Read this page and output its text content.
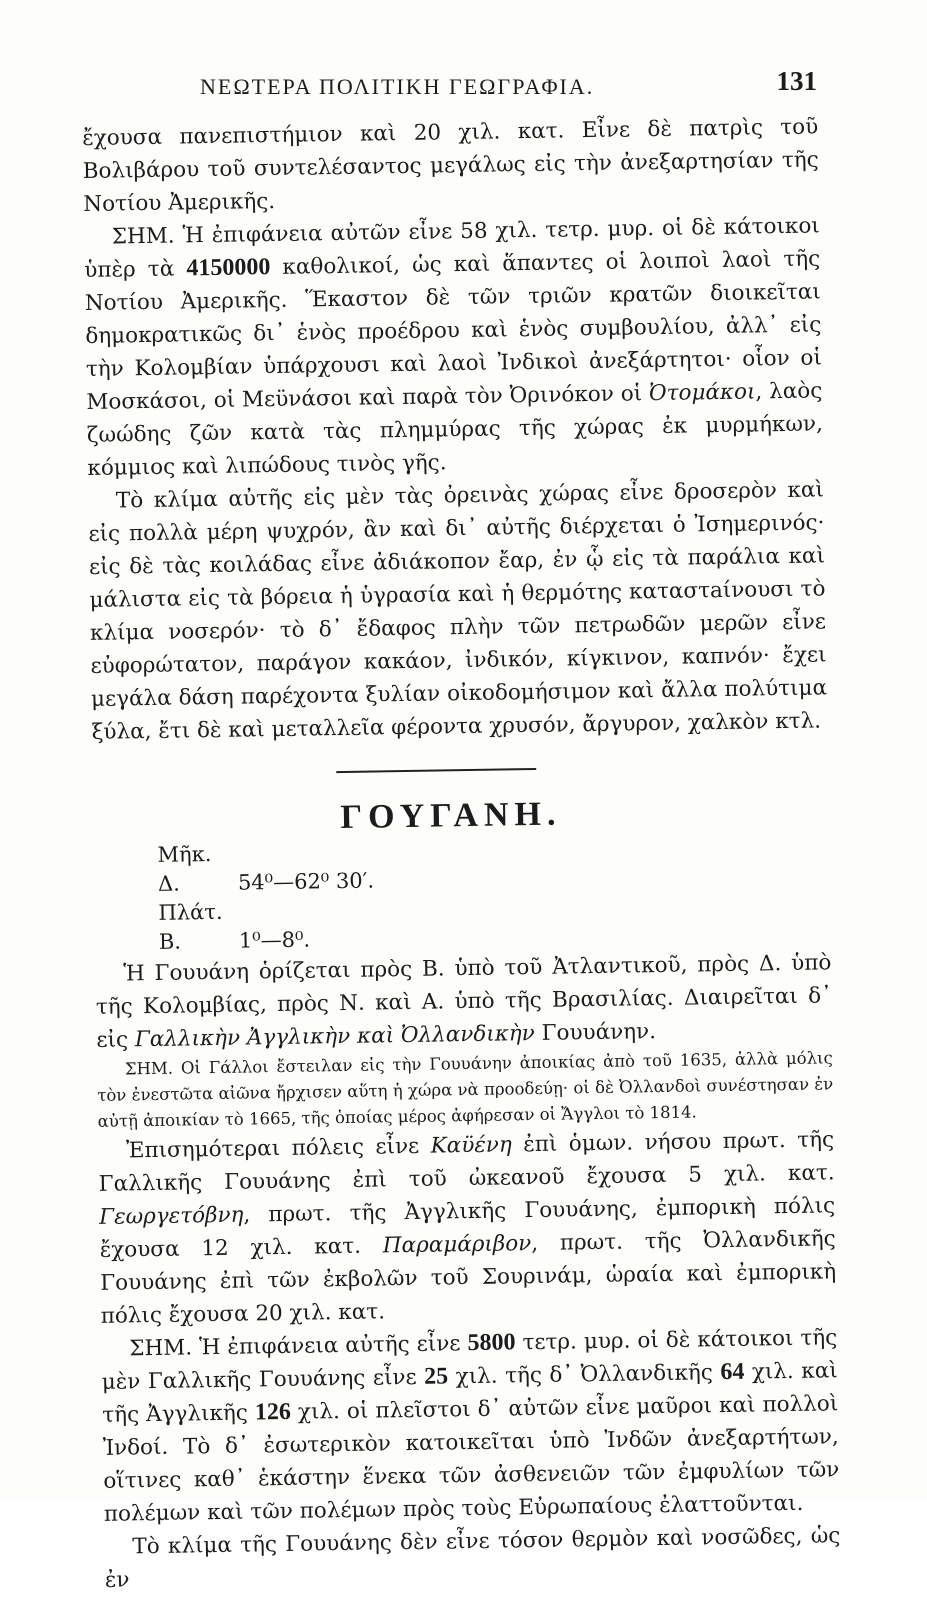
ΝΕΩΤΕΡΑ ΠΟΛΙΤΙΚΗ ΓΕΩΓΡΑΦΙΑ.	131

ἔχουσα πανεπιστήμιον καὶ 20 χιλ. κατ. Εἶνε δὲ πατρὶς τοῦ Βολιβάρου τοῦ συντελέσαντος μεγάλως εἰς τὴν ἀνεξαρτησίαν τῆς Νοτίου Ἀμερικῆς.

ΣΗΜ. Ἡ ἐπιφάνεια αὐτῶν εἶνε 58 χιλ. τετρ. μυρ. οἱ δὲ κάτοικοι ὑπὲρ τὰ 4150000 καθολικοί, ὡς καὶ ἅπαντες οἱ λοιποὶ λαοὶ τῆς Νοτίου Ἀμερικῆς. Ἕκαστον δὲ τῶν τριῶν κρατῶν διοικεῖται δημοκρατικῶς δι᾽ ἑνὸς προέδρου καὶ ἑνὸς συμβουλίου, ἀλλ᾽ εἰς τὴν Κολομβίαν ὑπάρχουσι καὶ λαοὶ Ἰνδικοὶ ἀνεξάρτητοι· οἷον οἱ Μοσκάσοι, οἱ Μεϋνάσοι καὶ παρὰ τὸν Ὀρινόκον οἱ Ὀτομάκοι, λαὸς ζωώδης ζῶν κατὰ τὰς πλημμύρας τῆς χώρας ἐκ μυρμήκων, κόμμιος καὶ λιπώδους τινὸς γῆς.

Τὸ κλίμα αὐτῆς εἰς μὲν τὰς ὀρεινὰς χώρας εἶνε δροσερὸν καὶ εἰς πολλὰ μέρη ψυχρόν, ἂν καὶ δι᾽ αὐτῆς διέρχεται ὁ Ἰσημερινός· εἰς δὲ τὰς κοιλάδας εἶνε ἀδιάκοπον ἔαρ, ἐν ᾧ εἰς τὰ παράλια καὶ μάλιστα εἰς τὰ βόρεια ἡ ὑγρασία καὶ ἡ θερμότης καταστaίνουσι τὸ κλίμα νοσερόν· τὸ δ᾽ ἔδαφος πλὴν τῶν πετρωδῶν μερῶν εἶνε εὐφορώτατον, παράγον κακάον, ἰνδικόν, κίγκινον, καπνόν· ἔχει μεγάλα δάση παρέχοντα ξυλίαν οἰκοδομήσιμον καὶ ἄλλα πολύτιμα ξύλα, ἔτι δὲ καὶ μεταλλεῖα φέροντα χρυσόν, ἄργυρον, χαλκὸν κτλ.

ΓΟΥΓΑΝΗ.
Μῆκ. Δ.	54⁰—62⁰ 30′.
Πλάτ. Β.	1⁰—8⁰.

Ἡ Γουυάνη ὁρίζεται πρὸς Β. ὑπὸ τοῦ Ἀτλαντικοῦ, πρὸς Δ. ὑπὸ τῆς Κολομβίας, πρὸς Ν. καὶ Α. ὑπὸ τῆς Βρασιλίας. Διαιρεῖται δ᾽ εἰς Γαλλικὴν Ἀγγλικὴν καὶ Ὀλλανδικὴν Γουυάνην.

ΣΗΜ. Οἱ Γάλλοι ἔστειλαν εἰς τὴν Γουυάνην ἀποικίας ἀπὸ τοῦ 1635, ἀλλὰ μόλις τὸν ἐνεστῶτα αἰῶνα ἤρχισεν αὕτη ἡ χώρα νὰ προοδεύῃ· οἱ δὲ Ὀλλανδοὶ συνέστησαν ἐν αὐτῇ ἀποικίαν τὸ 1665, τῆς ὁποίας μέρος ἀφήρεσαν οἱ Ἄγγλοι τὸ 1814.

Ἐπισημότεραι πόλεις εἶνε Καϋένη ἐπὶ ὁμων. νήσου πρωτ. τῆς Γαλλικῆς Γουυάνης ἐπὶ τοῦ ὠκεανοῦ ἔχουσα 5 χιλ. κατ. Γεωργετόβνη, πρωτ. τῆς Ἀγγλικῆς Γουυάνης, ἐμπορικὴ πόλις ἔχουσα 12 χιλ. κατ. Παραμάριβον, πρωτ. τῆς Ὀλλανδικῆς Γουυάνης ἐπὶ τῶν ἐκβολῶν τοῦ Σουρινάμ, ὡραία καὶ ἐμπορικὴ πόλις ἔχουσα 20 χιλ. κατ.

ΣΗΜ. Ἡ ἐπιφάνεια αὐτῆς εἶνε 5800 τετρ. μυρ. οἱ δὲ κάτοικοι τῆς μὲν Γαλλικῆς Γουυάνης εἶνε 25 χιλ. τῆς δ᾽ Ὀλλανδικῆς 64 χιλ. καὶ τῆς Ἀγγλικῆς 126 χιλ. οἱ πλεῖστοι δ᾽ αὐτῶν εἶνε μαῦροι καὶ πολλοὶ Ἰνδοί. Τὸ δ᾽ ἐσωτερικὸν κατοικεῖται ὑπὸ Ἰνδῶν ἀνεξαρτήτων, οἵτινες καθ᾽ ἑκάστην ἕνεκα τῶν ἀσθενειῶν τῶν ἐμφυλίων τῶν πολέμων καὶ τῶν πολέμων πρὸς τοὺς Εὐρωπαίους ἐλαττοῦνται.

Τὸ κλίμα τῆς Γουυάνης δὲν εἶνε τόσον θερμὸν καὶ νοσῶδες, ὡς ἐν
